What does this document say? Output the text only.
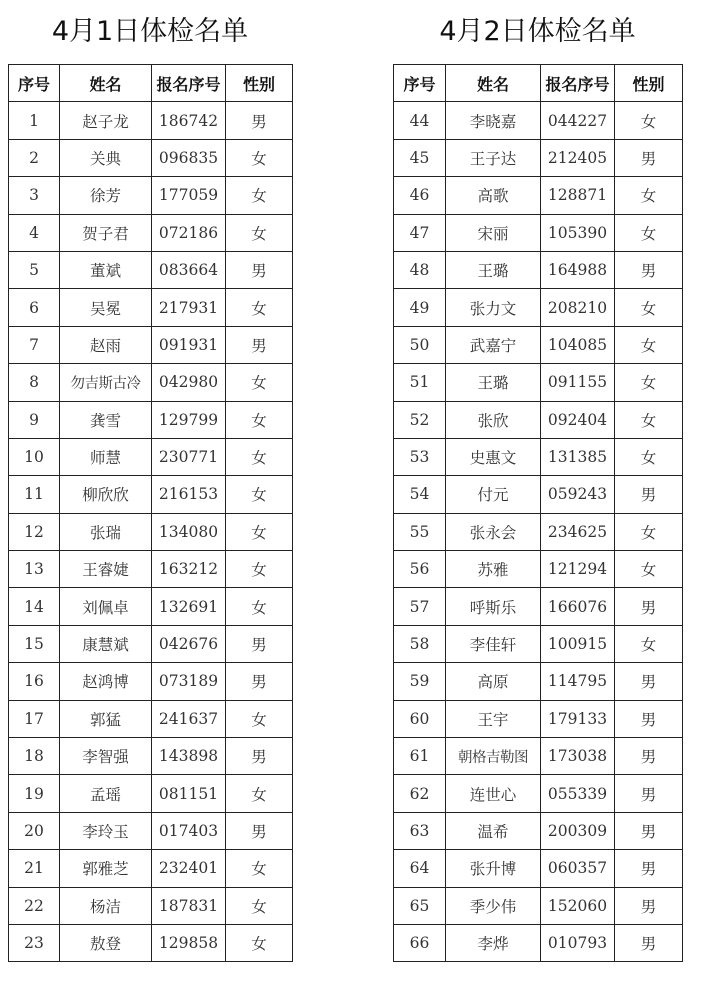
4月1日体检名单	4月2日体检名单
序号	姓名	报名序号	性别
1	赵子龙	186742	男
2	关典	096835	女
3	徐芳	177059	女
4	贺子君	072186	女
5	董斌	083664	男
6	吴冕	217931	女
7	赵雨	091931	男
8	勿吉斯古冷	042980	女
9	龚雪	129799	女
10	师慧	230771	女
11	柳欣欣	216153	女
12	张瑞	134080	女
13	王睿婕	163212	女
14	刘佩卓	132691	女
15	康慧斌	042676	男
16	赵鸿博	073189	男
17	郭猛	241637	女
18	李智强	143898	男
19	孟瑶	081151	女
20	李玲玉	017403	男
21	郭雅芝	232401	女
22	杨洁	187831	女
23	敖登	129858	女
序号	姓名	报名序号	性别
44	李晓嘉	044227	女
45	王子达	212405	男
46	高歌	128871	女
47	宋丽	105390	女
48	王璐	164988	男
49	张力文	208210	女
50	武嘉宁	104085	女
51	王璐	091155	女
52	张欣	092404	女
53	史惠文	131385	女
54	付元	059243	男
55	张永会	234625	女
56	苏雅	121294	女
57	呼斯乐	166076	男
58	李佳轩	100915	女
59	高原	114795	男
60	王宇	179133	男
61	朝格吉勒图	173038	男
62	连世心	055339	男
63	温希	200309	男
64	张升博	060357	男
65	季少伟	152060	男
66	李烨	010793	男
